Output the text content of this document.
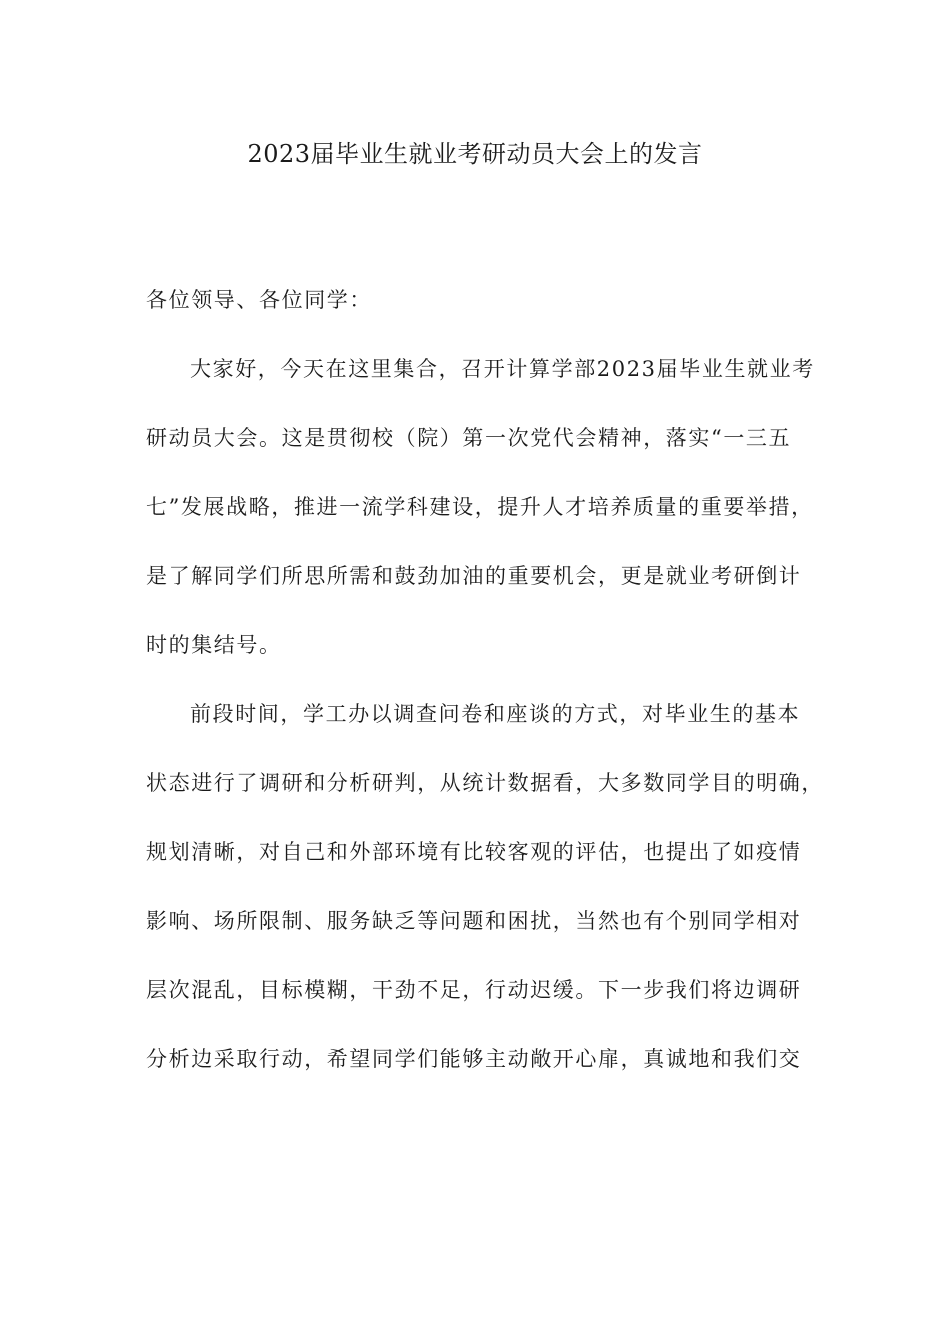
2023届毕业生就业考研动员大会上的发言
各位领导、各位同学：
大家好，今天在这里集合，召开计算学部2023届毕业生就业考
研动员大会。这是贯彻校（院）第一次党代会精神，落实“一三五
七”发展战略，推进一流学科建设，提升人才培养质量的重要举措，
是了解同学们所思所需和鼓劲加油的重要机会，更是就业考研倒计
时的集结号。
前段时间，学工办以调查问卷和座谈的方式，对毕业生的基本
状态进行了调研和分析研判，从统计数据看，大多数同学目的明确，
规划清晰，对自己和外部环境有比较客观的评估，也提出了如疫情
影响、场所限制、服务缺乏等问题和困扰，当然也有个别同学相对
层次混乱，目标模糊，干劲不足，行动迟缓。下一步我们将边调研
分析边采取行动，希望同学们能够主动敞开心扉，真诚地和我们交
